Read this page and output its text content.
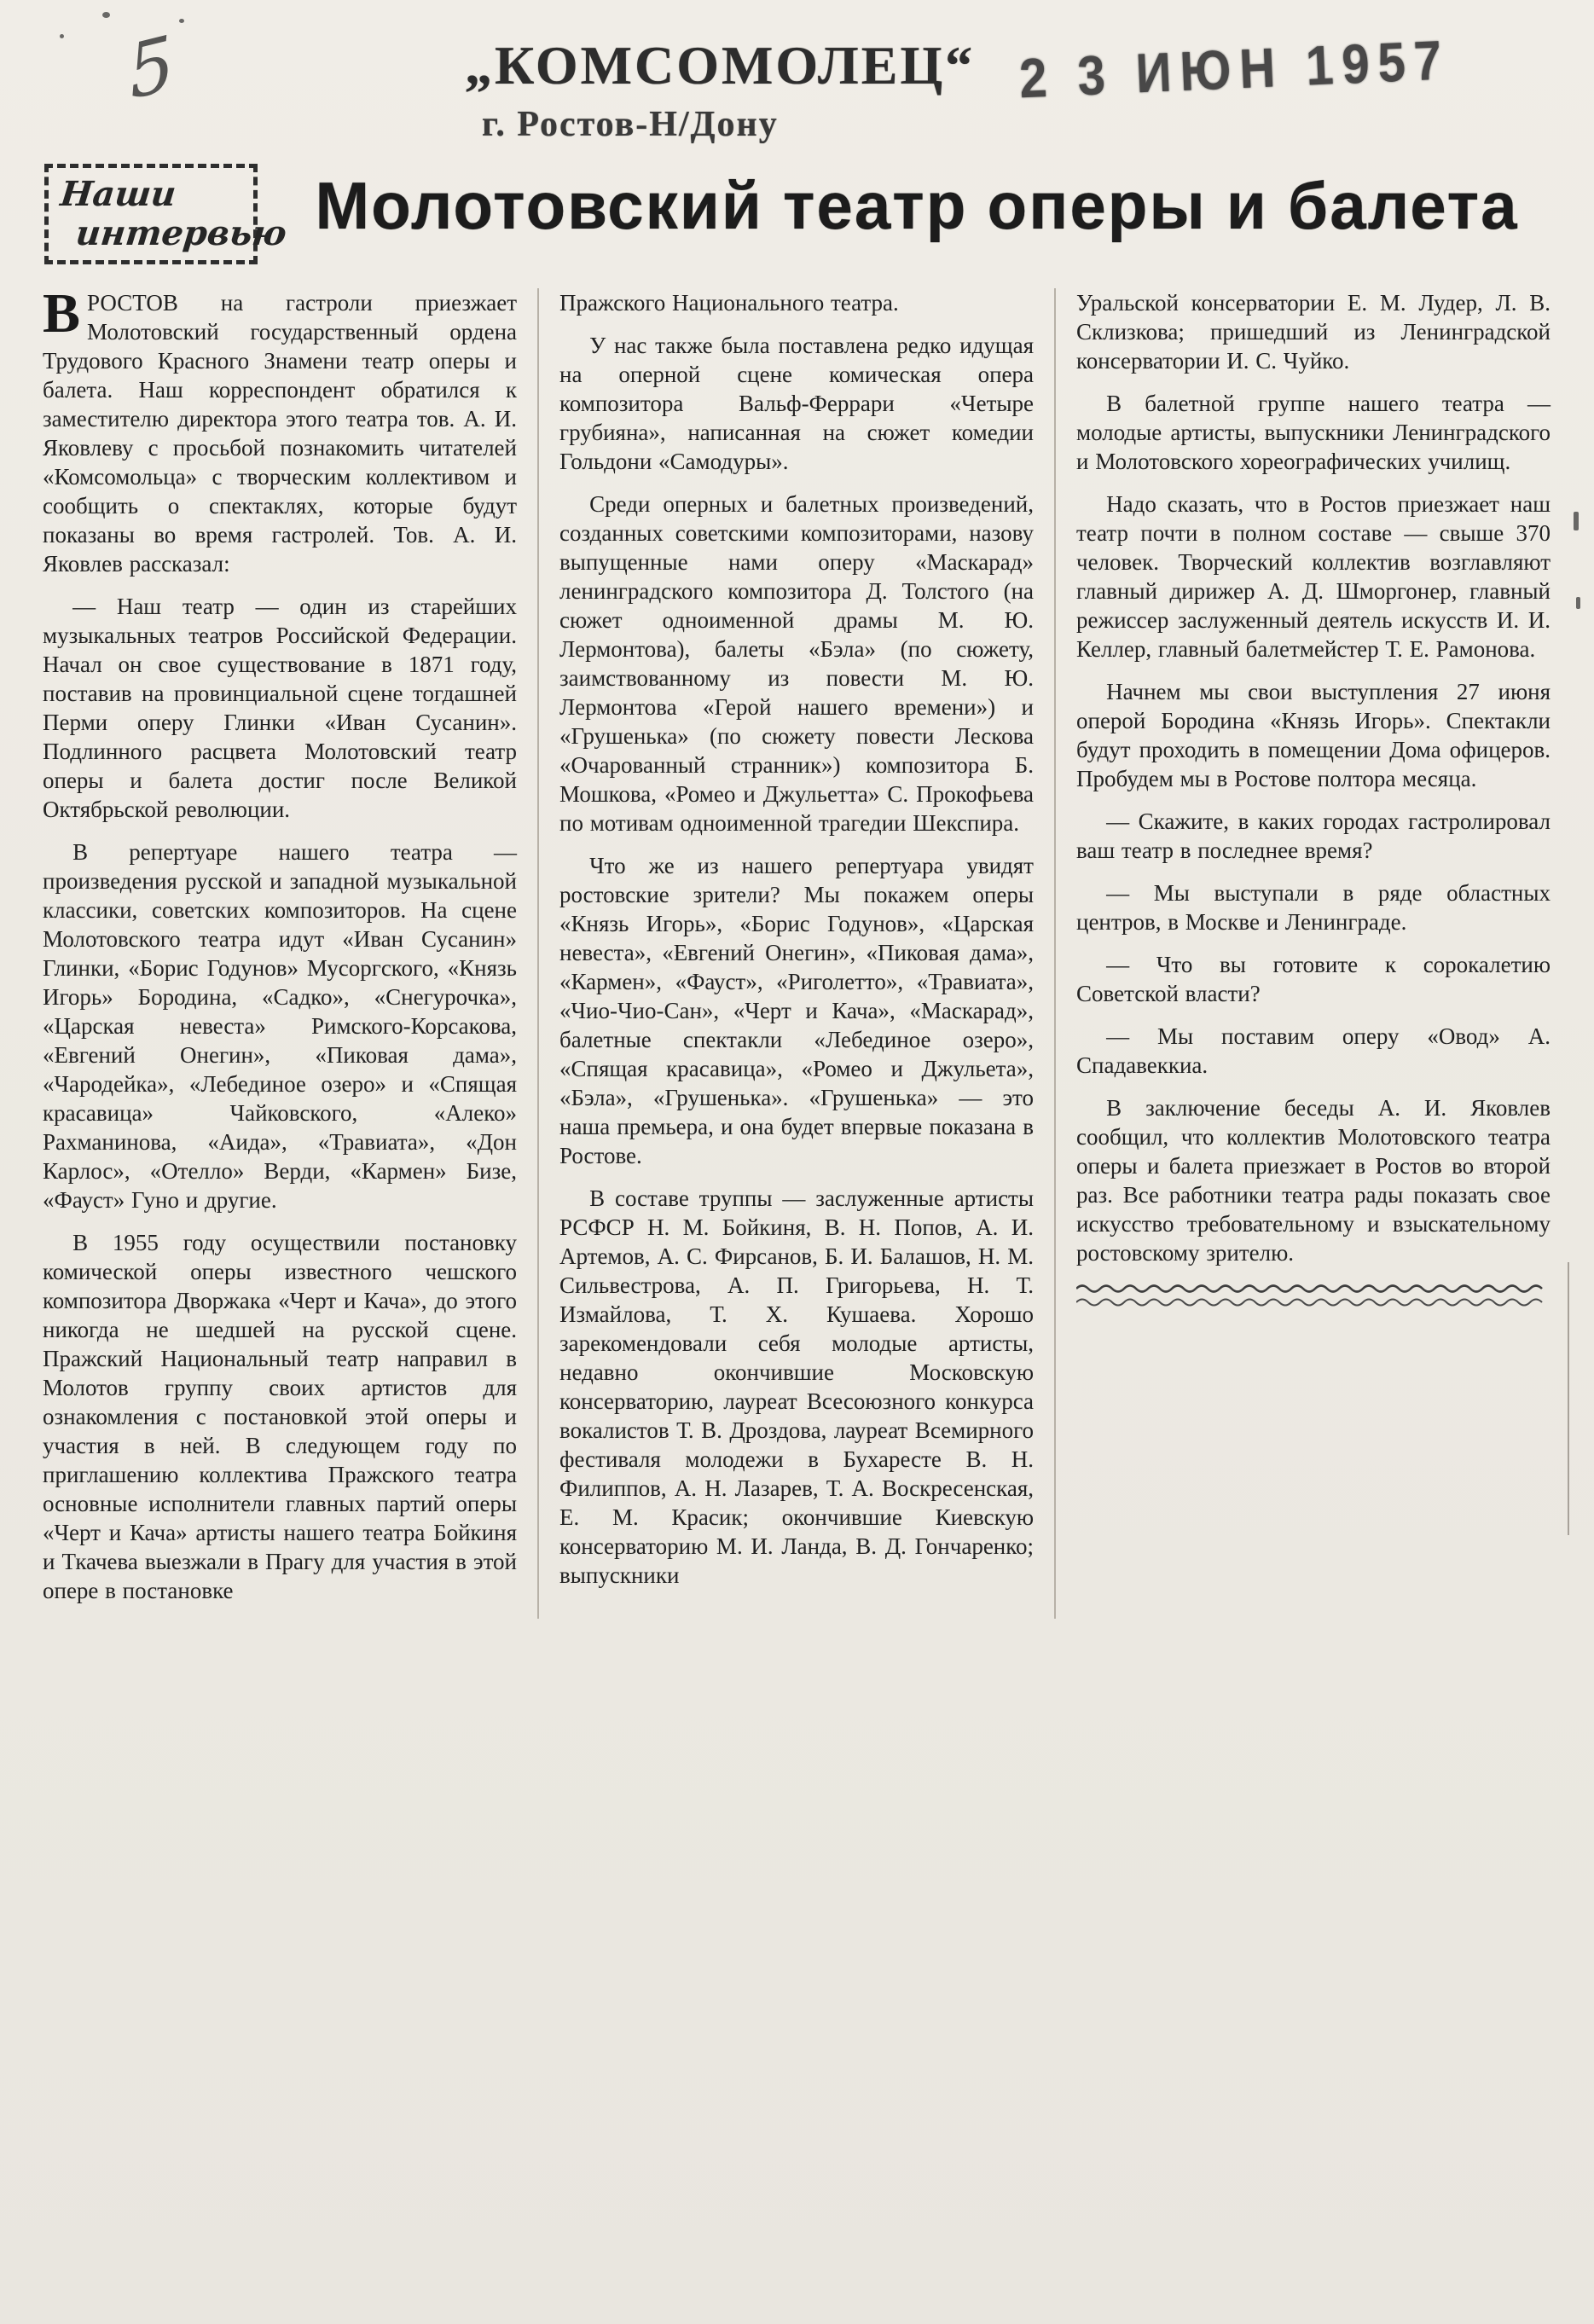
5	„КОМСОМОЛЕЦ“
г. Ростов-Н/Дону
2 3 ИЮН 1957
Наши
интервью Молотовский театр оперы и балета

ВРОСТОВ на гастроли приезжает Молотовский государственный ордена Трудового Красного Знамени театр оперы и балета. Наш корреспондент обратился к заместителю директора этого театра тов. А. И. Яковлеву с просьбой познакомить читателей «Комсомольца» с творческим коллективом и сообщить о спектаклях, которые будут показаны во время гастролей. Тов. А. И. Яковлев рассказал:

— Наш театр — один из старейших музыкальных театров Российской Федерации. Начал он свое существование в 1871 году, поставив на провинциальной сцене тогдашней Перми оперу Глинки «Иван Сусанин». Подлинного расцвета Молотовский театр оперы и балета достиг после Великой Октябрьской революции.

В репертуаре нашего театра — произведения русской и западной музыкальной классики, советских композиторов. На сцене Молотовского театра идут «Иван Сусанин» Глинки, «Борис Годунов» Мусоргского, «Князь Игорь» Бородина, «Садко», «Снегурочка», «Царская невеста» Римского-Корсакова, «Евгений Онегин», «Пиковая дама», «Чародейка», «Лебединое озеро» и «Спящая красавица» Чайковского, «Алеко» Рахманинова, «Аида», «Травиата», «Дон Карлос», «Отелло» Верди, «Кармен» Бизе, «Фауст» Гуно и другие.

В 1955 году осуществили постановку комической оперы известного чешского композитора Дворжака «Черт и Кача», до этого никогда не шедшей на русской сцене. Пражский Национальный театр направил в Молотов группу своих артистов для ознакомления с постановкой этой оперы и участия в ней. В следующем году по приглашению коллектива Пражского театра основные исполнители главных партий оперы «Черт и Кача» артисты нашего театра Бойкиня и Ткачева выезжали в Прагу для участия в этой опере в постановке

Пражского Национального театра.

У нас также была поставлена редко идущая на оперной сцене комическая опера композитора Вальф-Феррари «Четыре грубияна», написанная на сюжет комедии Гольдони «Самодуры».

Среди оперных и балетных произведений, созданных советскими композиторами, назову выпущенные нами оперу «Маскарад» ленинградского композитора Д. Толстого (на сюжет одноименной драмы М. Ю. Лермонтова), балеты «Бэла» (по сюжету, заимствованному из повести М. Ю. Лермонтова «Герой нашего времени») и «Грушенька» (по сюжету повести Лескова «Очарованный странник») композитора Б. Мошкова, «Ромео и Джульетта» С. Прокофьева по мотивам одноименной трагедии Шекспира.

Что же из нашего репертуара увидят ростовские зрители? Мы покажем оперы «Князь Игорь», «Борис Годунов», «Царская невеста», «Евгений Онегин», «Пиковая дама», «Кармен», «Фауст», «Риголетто», «Травиата», «Чио-Чио-Сан», «Черт и Кача», «Маскарад», балетные спектакли «Лебединое озеро», «Спящая красавица», «Ромео и Джульета», «Бэла», «Грушенька». «Грушенька» — это наша премьера, и она будет впервые показана в Ростове.

В составе труппы — заслуженные артисты РСФСР Н. М. Бойкиня, В. Н. Попов, А. И. Артемов, А. С. Фирсанов, Б. И. Балашов, Н. М. Сильвестрова, А. П. Григорьева, Н. Т. Измайлова, Т. Х. Кушаева. Хорошо зарекомендовали себя молодые артисты, недавно окончившие Московскую консерваторию, лауреат Всесоюзного конкурса вокалистов Т. В. Дроздова, лауреат Всемирного фестиваля молодежи в Бухаресте В. Н. Филиппов, А. Н. Лазарев, Т. А. Воскресенская, Е. М. Красик; окончившие Киевскую консерваторию М. И. Ланда, В. Д. Гончаренко; выпускники

Уральской консерватории Е. М. Лудер, Л. В. Склизкова; пришедший из Ленинградской консерватории И. С. Чуйко.

В балетной группе нашего театра — молодые артисты, выпускники Ленинградского и Молотовского хореографических училищ.

Надо сказать, что в Ростов приезжает наш театр почти в полном составе — свыше 370 человек. Творческий коллектив возглавляют главный дирижер А. Д. Шморгонер, главный режиссер заслуженный деятель искусств И. И. Келлер, главный балетмейстер Т. Е. Рамонова.

Начнем мы свои выступления 27 июня оперой Бородина «Князь Игорь». Спектакли будут проходить в помещении Дома офицеров. Пробудем мы в Ростове полтора месяца.

— Скажите, в каких городах гастролировал ваш театр в последнее время?

— Мы выступали в ряде областных центров, в Москве и Ленинграде.

— Что вы готовите к сорокалетию Советской власти?

— Мы поставим оперу «Овод» А. Спадавеккиа.

В заключение беседы А. И. Яковлев сообщил, что коллектив Молотовского театра оперы и балета приезжает в Ростов во второй раз. Все работники театра рады показать свое искусство требовательному и взыскательному ростовскому зрителю.
